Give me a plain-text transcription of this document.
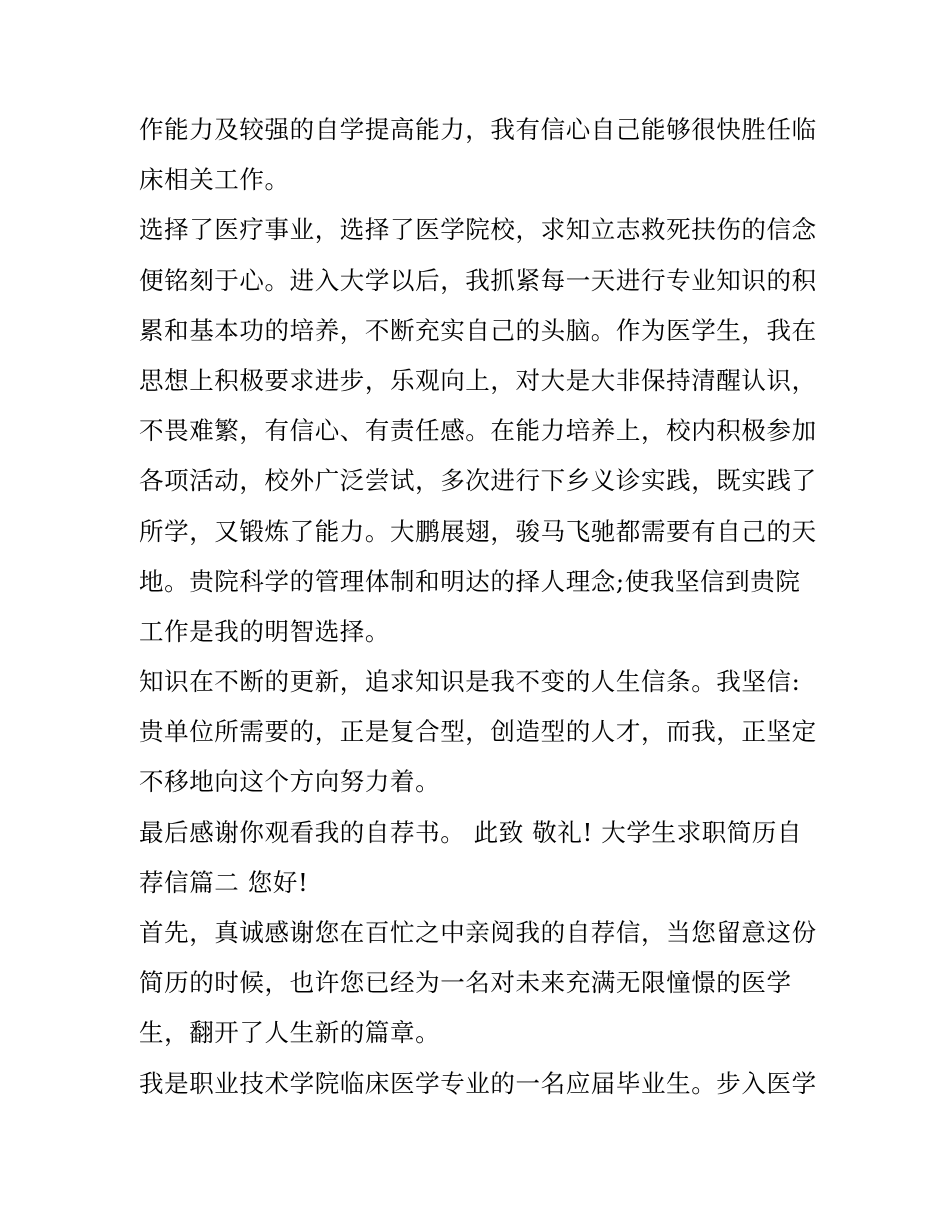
作能力及较强的自学提高能力，我有信心自己能够很快胜任临
床相关工作。
选择了医疗事业，选择了医学院校，求知立志救死扶伤的信念
便铭刻于心。进入大学以后，我抓紧每一天进行专业知识的积
累和基本功的培养，不断充实自己的头脑。作为医学生，我在
思想上积极要求进步，乐观向上，对大是大非保持清醒认识，
不畏难繁，有信心、有责任感。在能力培养上，校内积极参加
各项活动，校外广泛尝试，多次进行下乡义诊实践，既实践了
所学，又锻炼了能力。大鹏展翅，骏马飞驰都需要有自己的天
地。贵院科学的管理体制和明达的择人理念;使我坚信到贵院
工作是我的明智选择。
知识在不断的更新，追求知识是我不变的人生信条。我坚信:
贵单位所需要的，正是复合型，创造型的人才，而我，正坚定
不移地向这个方向努力着。
最后感谢你观看我的自荐书。 此致 敬礼! 大学生求职简历自
荐信篇二 您好!
首先，真诚感谢您在百忙之中亲阅我的自荐信，当您留意这份
简历的时候，也许您已经为一名对未来充满无限憧憬的医学
生，翻开了人生新的篇章。
我是职业技术学院临床医学专业的一名应届毕业生。步入医学
